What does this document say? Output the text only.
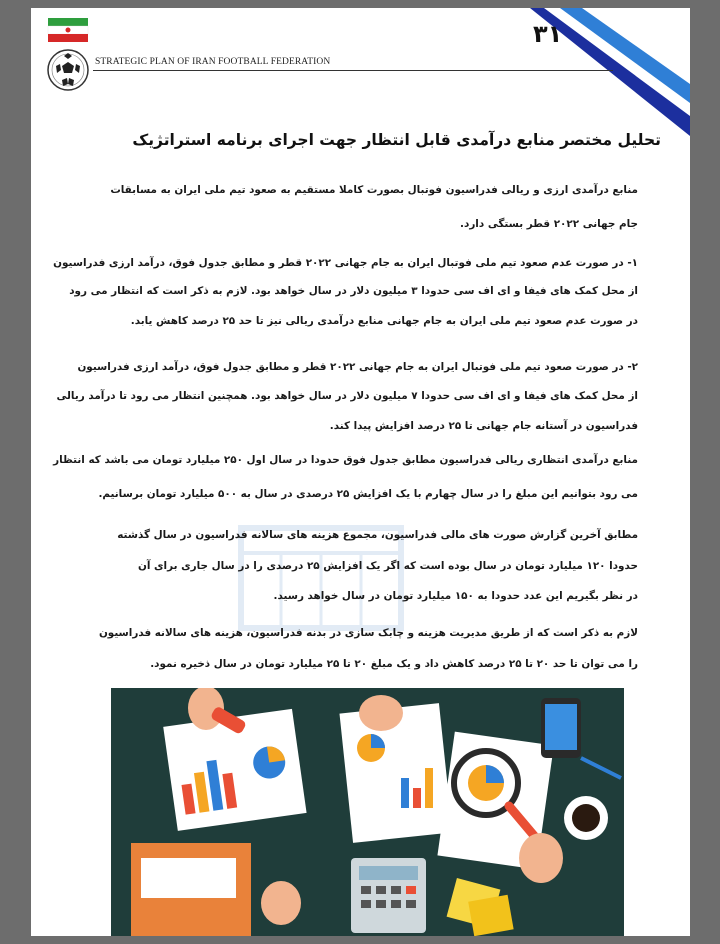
STRATEGIC PLAN OF IRAN FOOTBALL FEDERATION
۳۱
تحلیل مختصر منابع درآمدی قابل انتظار جهت اجرای برنامه استراتژیک
منابع درآمدی ارزی و ریالی فدراسیون فوتبال بصورت کاملا مستقیم به صعود تیم ملی ایران به مسابقات
جام جهانی ۲۰۲۲ قطر بستگی دارد.
۱- در صورت عدم صعود تیم ملی فوتبال ایران به جام جهانی ۲۰۲۲ قطر و مطابق جدول فوق، درآمد ارزی فدراسیون
از محل کمک های فیفا و ای اف سی حدودا ۳ میلیون دلار در سال خواهد بود. لازم به ذکر است که انتظار می رود
در صورت عدم صعود تیم ملی ایران به جام جهانی منابع درآمدی ریالی نیز تا حد ۲۵ درصد کاهش یابد.
۲- در صورت صعود تیم ملی فوتبال ایران به جام جهانی ۲۰۲۲ قطر و مطابق جدول فوق، درآمد ارزی فدراسیون
از محل کمک های فیفا و ای اف سی حدودا ۷ میلیون دلار در سال خواهد بود. همچنین انتظار می رود تا درآمد ریالی
فدراسیون در آستانه جام جهانی تا ۲۵ درصد افزایش پیدا کند.
منابع درآمدی انتظاری ریالی فدراسیون مطابق جدول فوق حدودا در سال اول ۲۵۰ میلیارد تومان می باشد که انتظار
می رود بتوانیم این مبلغ را در سال چهارم با یک افزایش ۲۵ درصدی در سال به ۵۰۰ میلیارد تومان برسانیم.
مطابق آخرین گزارش صورت های مالی فدراسیون، مجموع هزینه های سالانه فدراسیون در سال گذشته
حدودا ۱۲۰ میلیارد تومان در سال بوده است که اگر یک افزایش ۲۵ درصدی را در سال جاری برای آن
در نظر بگیریم این عدد حدودا به ۱۵۰ میلیارد تومان در سال خواهد رسید.
لازم به ذکر است که از طریق مدیریت هزینه و چابک سازی در بدنه فدراسیون، هزینه های سالانه فدراسیون
را می توان تا حد ۲۰ تا ۲۵ درصد کاهش داد و یک مبلغ ۲۰ تا ۲۵ میلیارد تومان در سال ذخیره نمود.
